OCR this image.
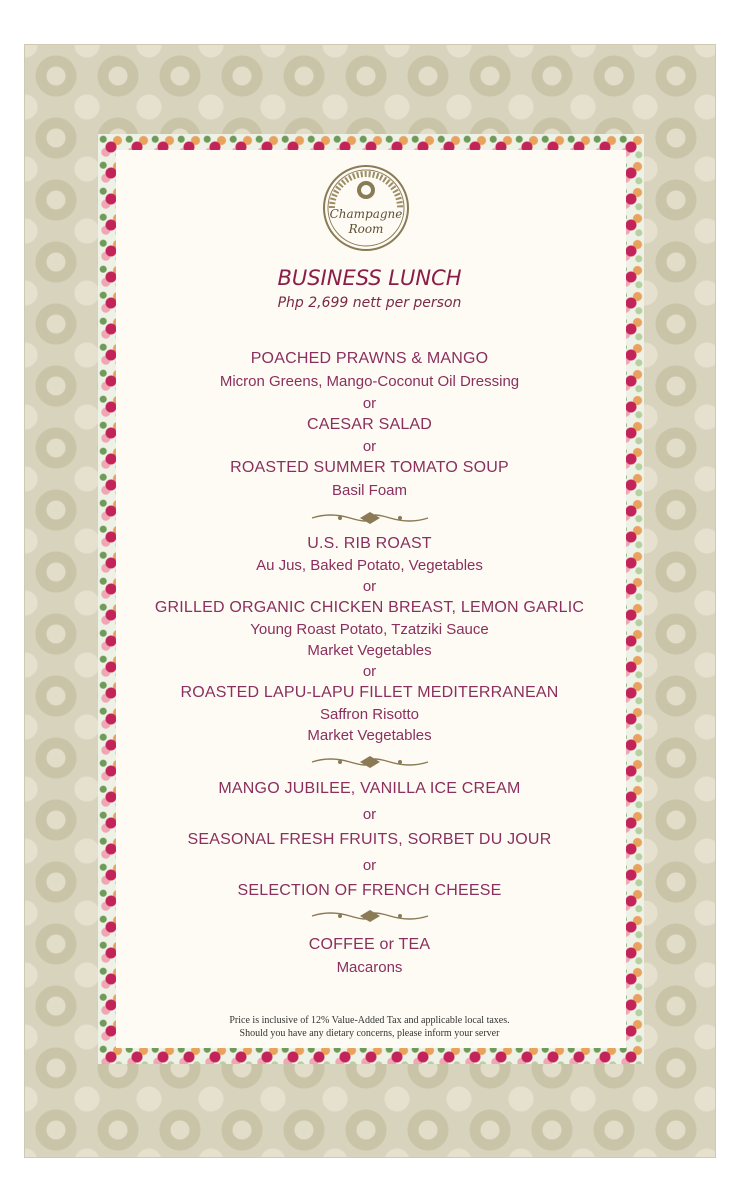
Champagne
Room
BUSINESS LUNCH
Php 2,699 nett per person
POACHED PRAWNS & MANGO
Micron Greens, Mango-Coconut Oil Dressing
or
CAESAR SALAD
or
ROASTED SUMMER TOMATO SOUP
Basil Foam
U.S. RIB ROAST
Au Jus, Baked Potato, Vegetables
or
GRILLED ORGANIC CHICKEN BREAST, LEMON GARLIC
Young Roast Potato, Tzatziki Sauce
Market Vegetables
or
ROASTED LAPU-LAPU FILLET MEDITERRANEAN
Saffron Risotto
Market Vegetables
MANGO JUBILEE, VANILLA ICE CREAM
or
SEASONAL FRESH FRUITS, SORBET DU JOUR
or
SELECTION OF FRENCH CHEESE
COFFEE or TEA
Macarons
Price is inclusive of 12% Value-Added Tax and applicable local taxes.
Should you have any dietary concerns, please inform your server
